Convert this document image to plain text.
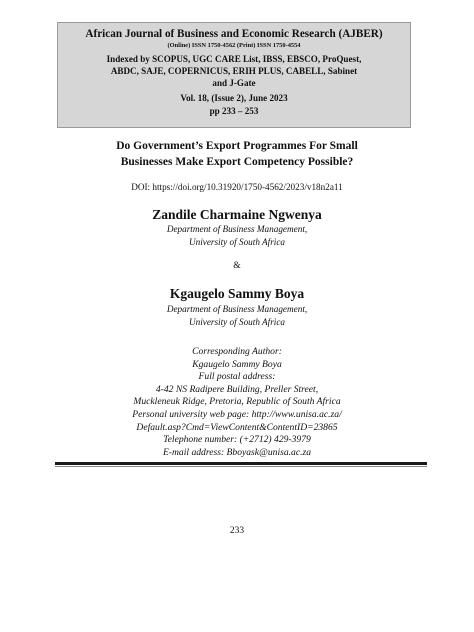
African Journal of Business and Economic Research (AJBER)
(Online) ISSN 1750-4562 (Print) ISSN 1750-4554
Indexed by SCOPUS, UGC CARE List, IBSS, EBSCO, ProQuest,
ABDC, SAJE, COPERNICUS, ERIH PLUS, CABELL, Sabinet
and J-Gate
Vol. 18, (Issue 2), June 2023
pp 233 – 253
Do Government’s Export Programmes For Small
Businesses Make Export Competency Possible?
DOI: https://doi.org/10.31920/1750-4562/2023/v18n2a11
Zandile Charmaine Ngwenya
Department of Business Management,
University of South Africa
&
Kgaugelo Sammy Boya
Department of Business Management,
University of South Africa
Corresponding Author:
Kgaugelo Sammy Boya
Full postal address:
4-42 NS Radipere Building, Preller Street,
Muckleneuk Ridge, Pretoria, Republic of South Africa
Personal university web page: http://www.unisa.ac.za/
Default.asp?Cmd=ViewContent&ContentID=23865
Telephone number: (+2712) 429-3979
E-mail address: Bboyask@unisa.ac.za
233
